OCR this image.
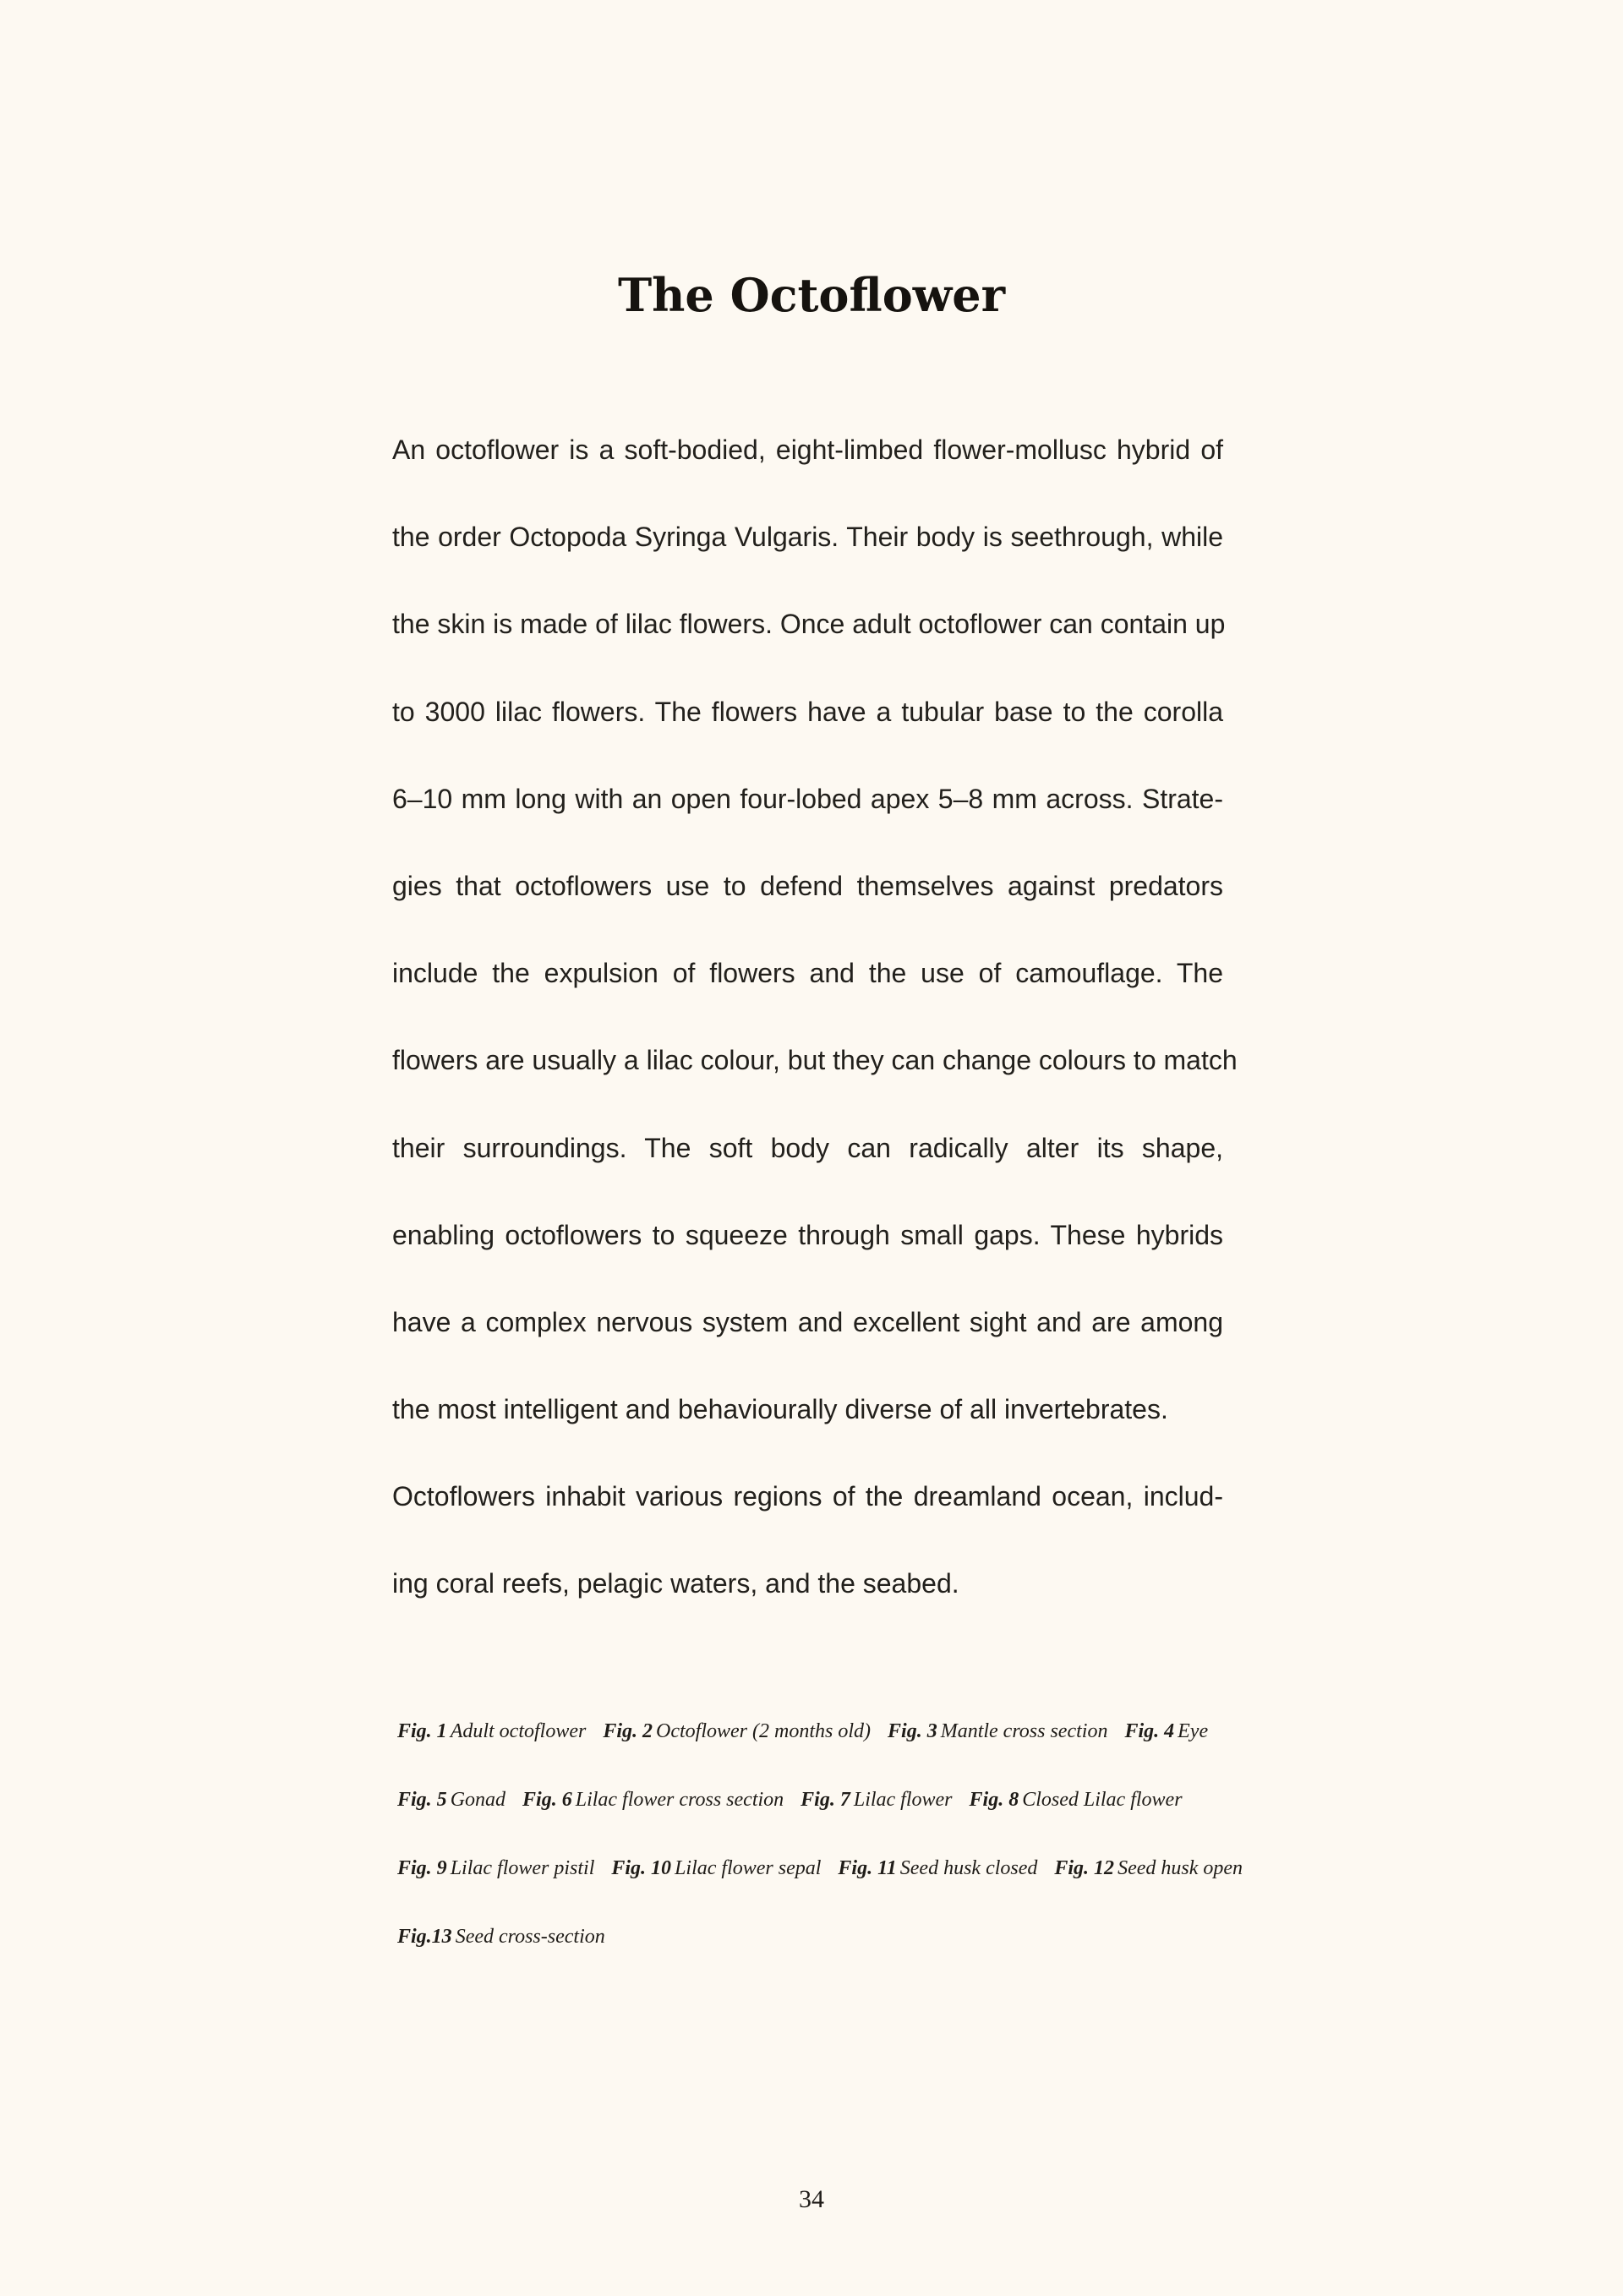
The Octoflower
An octoflower is a soft-bodied, eight-limbed flower-mollusc hybrid of
the order Octopoda Syringa Vulgaris. Their body is seethrough, while
the skin is made of lilac flowers. Once adult octoflower can contain up
to 3000 lilac flowers. The flowers have a tubular base to the corolla
6–10 mm long with an open four-lobed apex 5–8 mm across. Strate-
gies that octoflowers use to defend themselves against predators
include the expulsion of flowers and the use of camouflage. The
flowers are usually a lilac colour, but they can change colours to match
their surroundings. The soft body can radically alter its shape,
enabling octoflowers to squeeze through small gaps. These hybrids
have a complex nervous system and excellent sight and are among
the most intelligent and behaviourally diverse of all invertebrates.
Octoflowers inhabit various regions of the dreamland ocean, includ-
ing coral reefs, pelagic waters, and the seabed.
Fig. 1 Adult octoflower Fig. 2 Octoflower (2 months old) Fig. 3 Mantle cross section Fig. 4 Eye
Fig. 5 Gonad Fig. 6 Lilac flower cross section Fig. 7 Lilac flower Fig. 8 Closed Lilac flower
Fig. 9 Lilac flower pistil Fig. 10 Lilac flower sepal Fig. 11 Seed husk closed Fig. 12 Seed husk open
Fig.13 Seed cross-section
34
